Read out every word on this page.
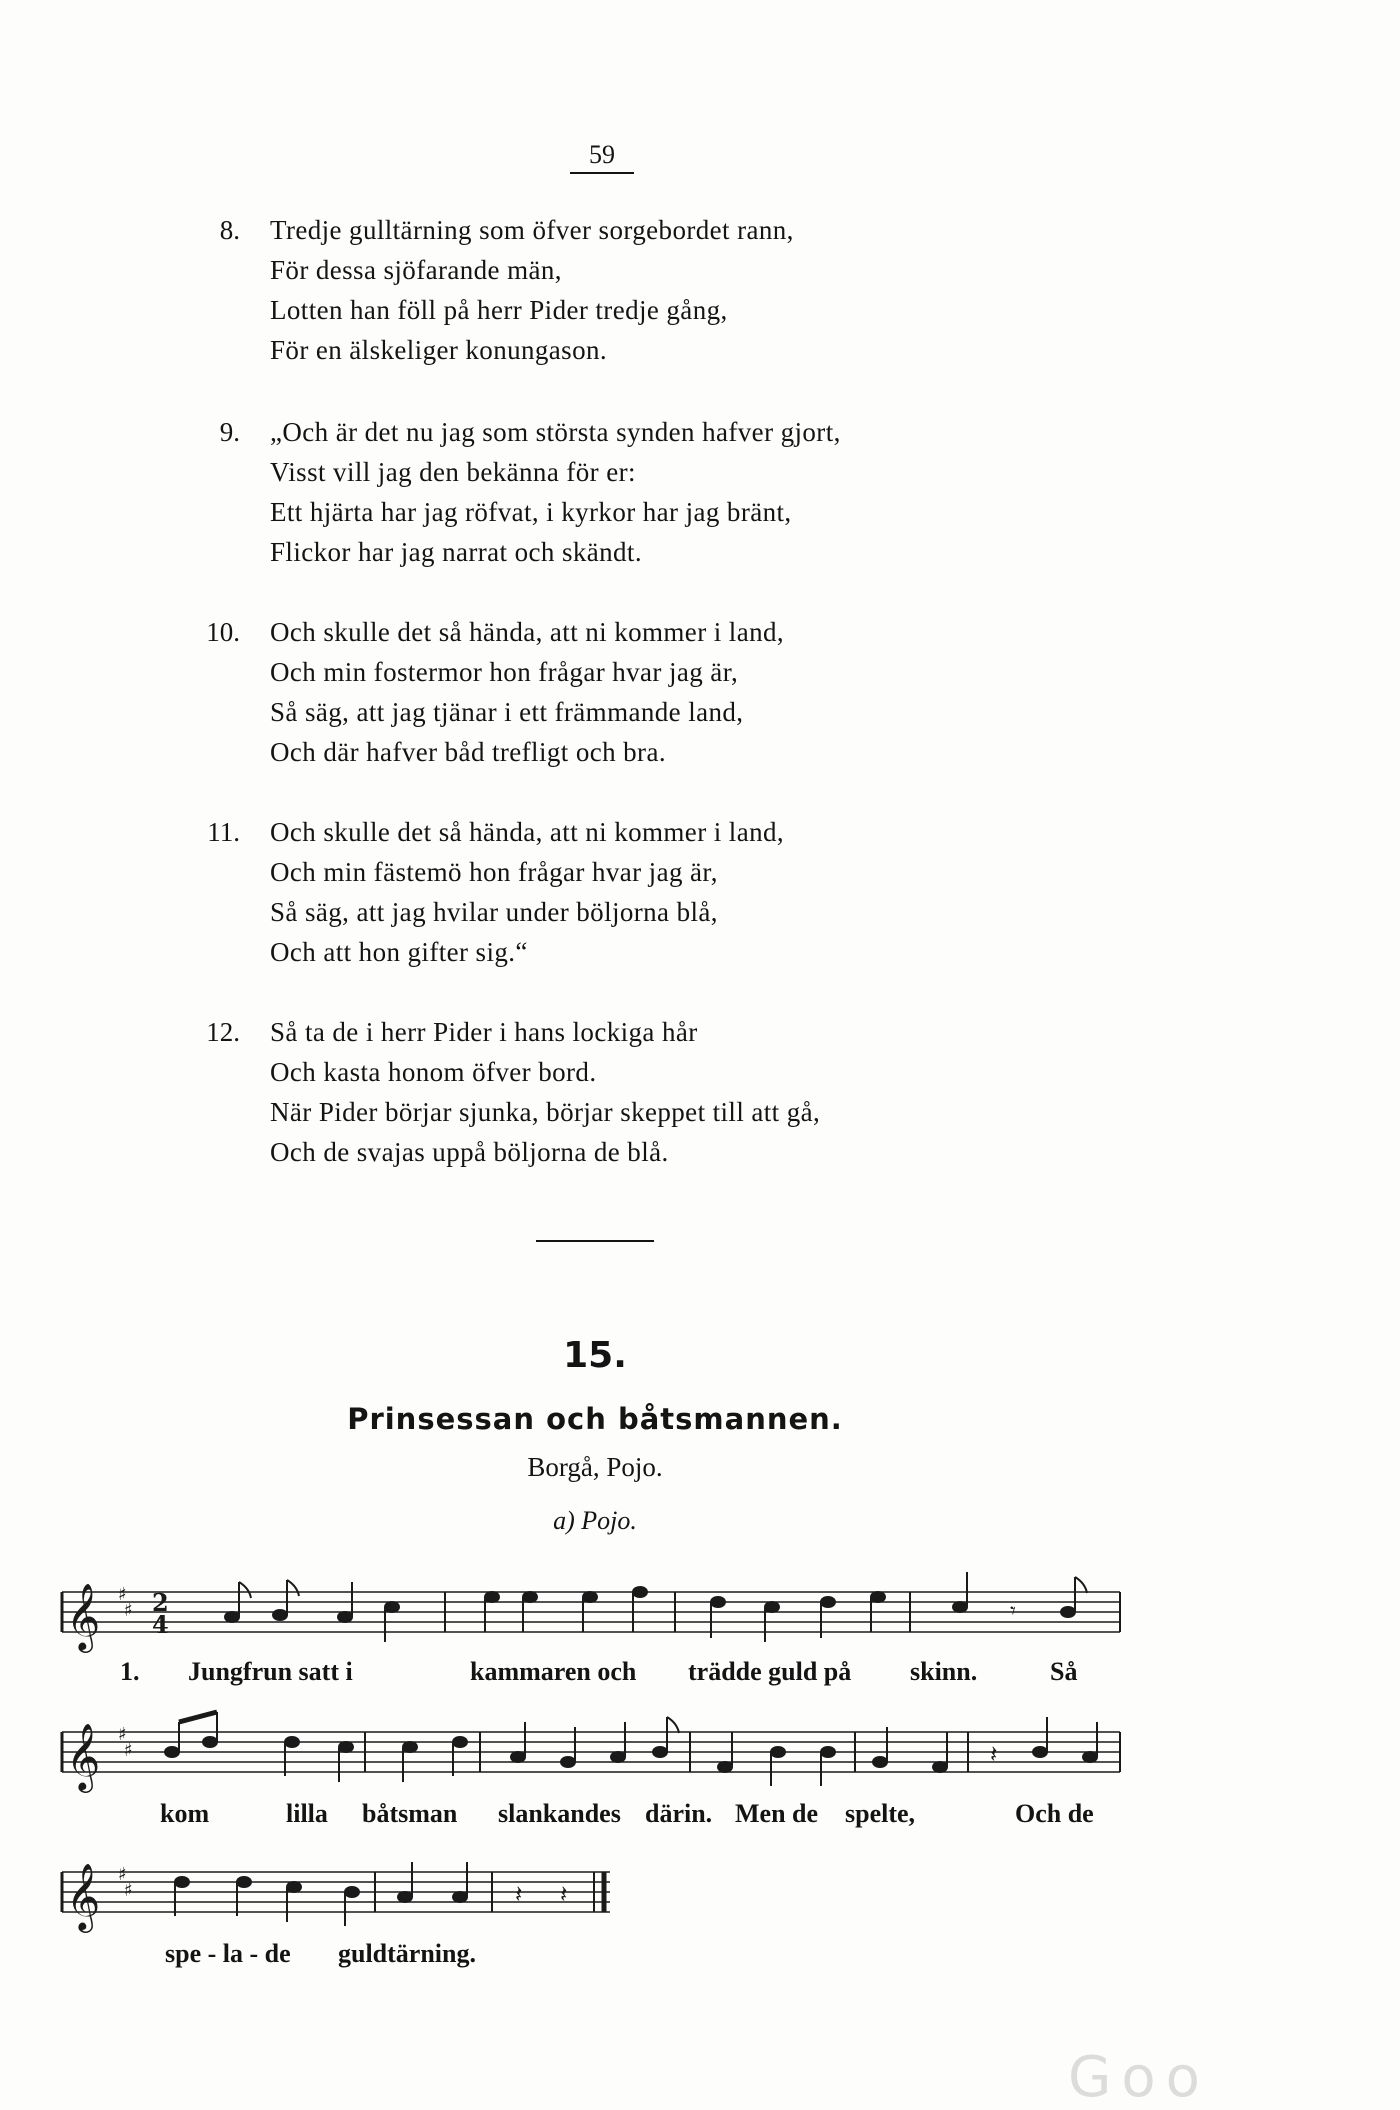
59
8. Tredje gulltärning som öfver sorgebordet rann,
För dessa sjöfarande män,
Lotten han föll på herr Pider tredje gång,
För en älskeliger konungason.
9. „Och är det nu jag som största synden hafver gjort,
Visst vill jag den bekänna för er:
Ett hjärta har jag röfvat, i kyrkor har jag bränt,
Flickor har jag narrat och skändt.
10. Och skulle det så hända, att ni kommer i land,
Och min fostermor hon frågar hvar jag är,
Så säg, att jag tjänar i ett främmande land,
Och där hafver båd trefligt och bra.
11. Och skulle det så hända, att ni kommer i land,
Och min fästemö hon frågar hvar jag är,
Så säg, att jag hvilar under böljorna blå,
Och att hon gifter sig.“
12. Så ta de i herr Pider i hans lockiga hår
Och kasta honom öfver bord.
När Pider börjar sjunka, börjar skeppet till att gå,
Och de svajas uppå böljorna de blå.
15.
Prinsessan och båtsmannen.
Borgå, Pojo.
a) Pojo.
𝄞 ♯
♯ 2
4	𝄾
1. Jungfrun satt i	kammaren och trädde guld på skinn.	Så
𝄞 ♯
♯	𝄽
kom	lilla båtsman slankandes därin. Men de spelte,	Och de
𝄞 ♯
♯	𝄽 𝄽
spe - la - de guldtärning.
Goo
